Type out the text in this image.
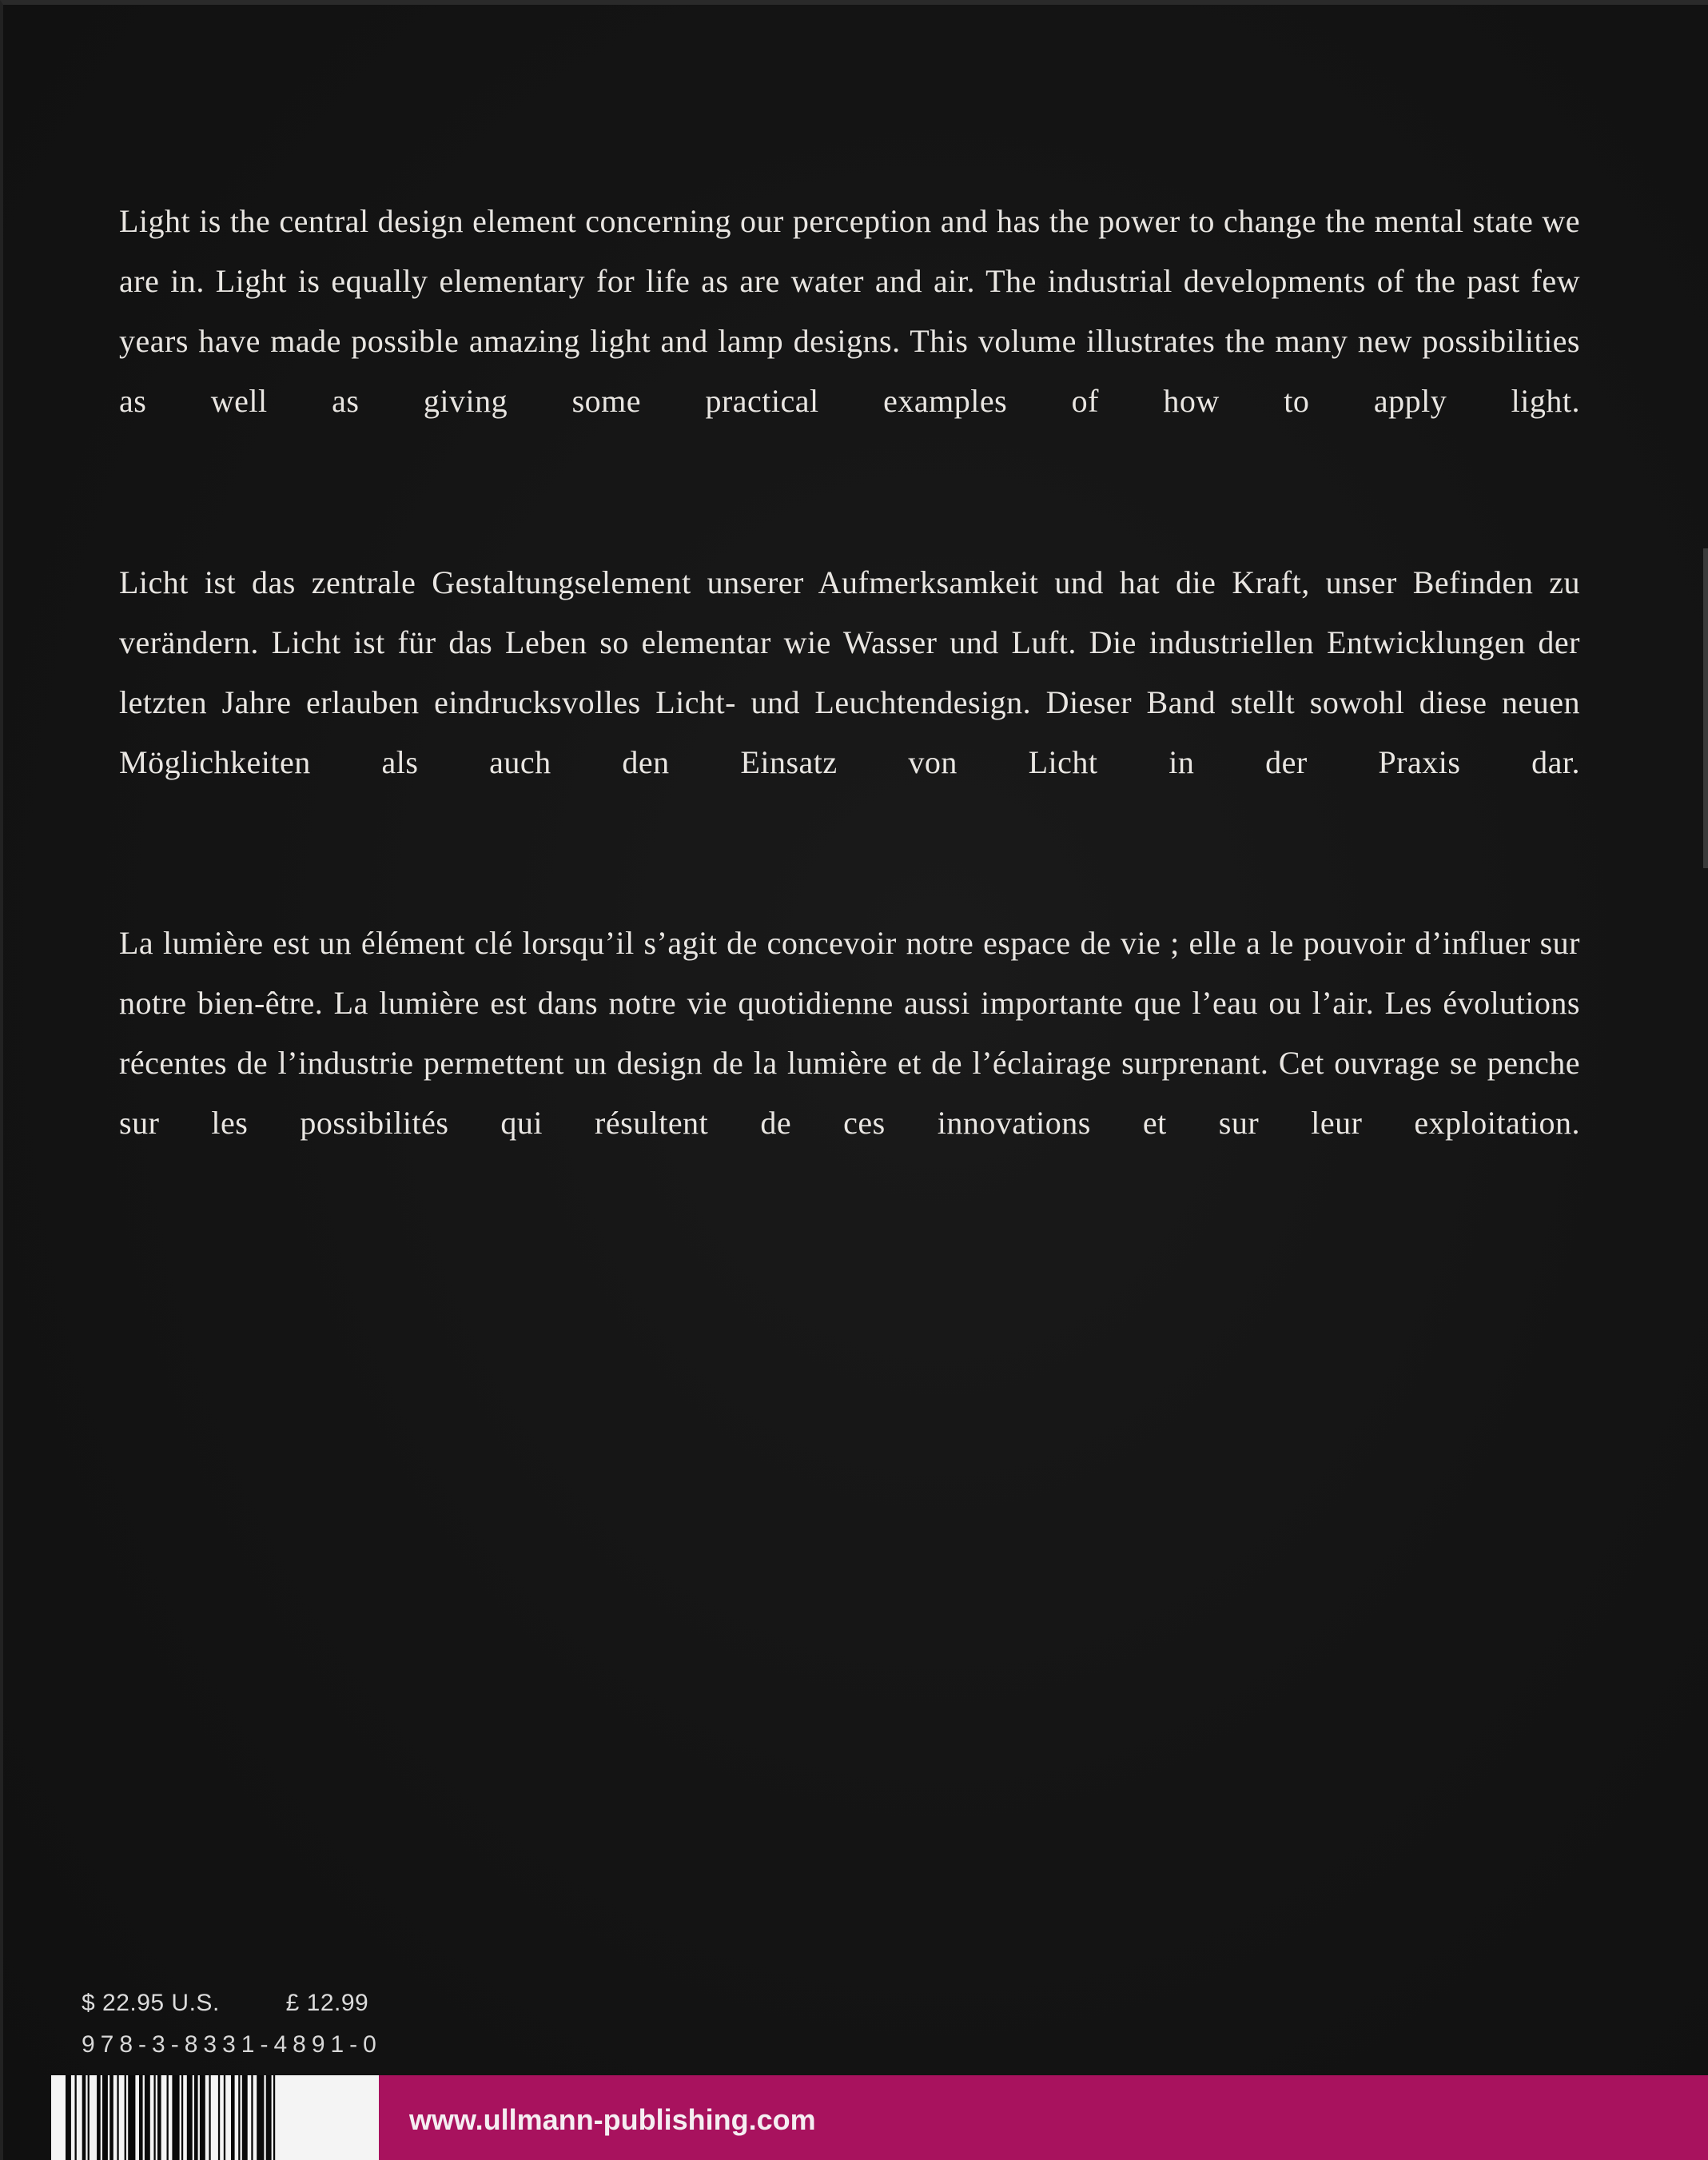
Light is the central design element concerning our perception and has the power to change the mental state we are in. Light is equally elementary for life as are water and air. The industrial developments of the past few years have made possible amazing light and lamp designs. This volume illustrates the many new possibilities as well as giving some practical examples of how to apply light.

Licht ist das zentrale Gestaltungselement unserer Aufmerksamkeit und hat die Kraft, unser Befinden zu verändern. Licht ist für das Leben so elementar wie Wasser und Luft. Die industriellen Entwicklungen der letzten Jahre erlauben eindrucksvolles Licht- und Leuchtendesign. Dieser Band stellt sowohl diese neuen Möglichkeiten als auch den Einsatz von Licht in der Praxis dar.

La lumière est un élément clé lorsqu’il s’agit de concevoir notre espace de vie ; elle a le pouvoir d’influer sur notre bien-être. La lumière est dans notre vie quotidienne aussi importante que l’eau ou l’air. Les évolutions récentes de l’industrie permettent un design de la lumière et de l’éclairage surprenant. Cet ouvrage se penche sur les possibilités qui résultent de ces innovations et sur leur exploitation.

$ 22.95 U.S.	£ 12.99
978-3-8331-4891-0
www.ullmann-publishing.com
